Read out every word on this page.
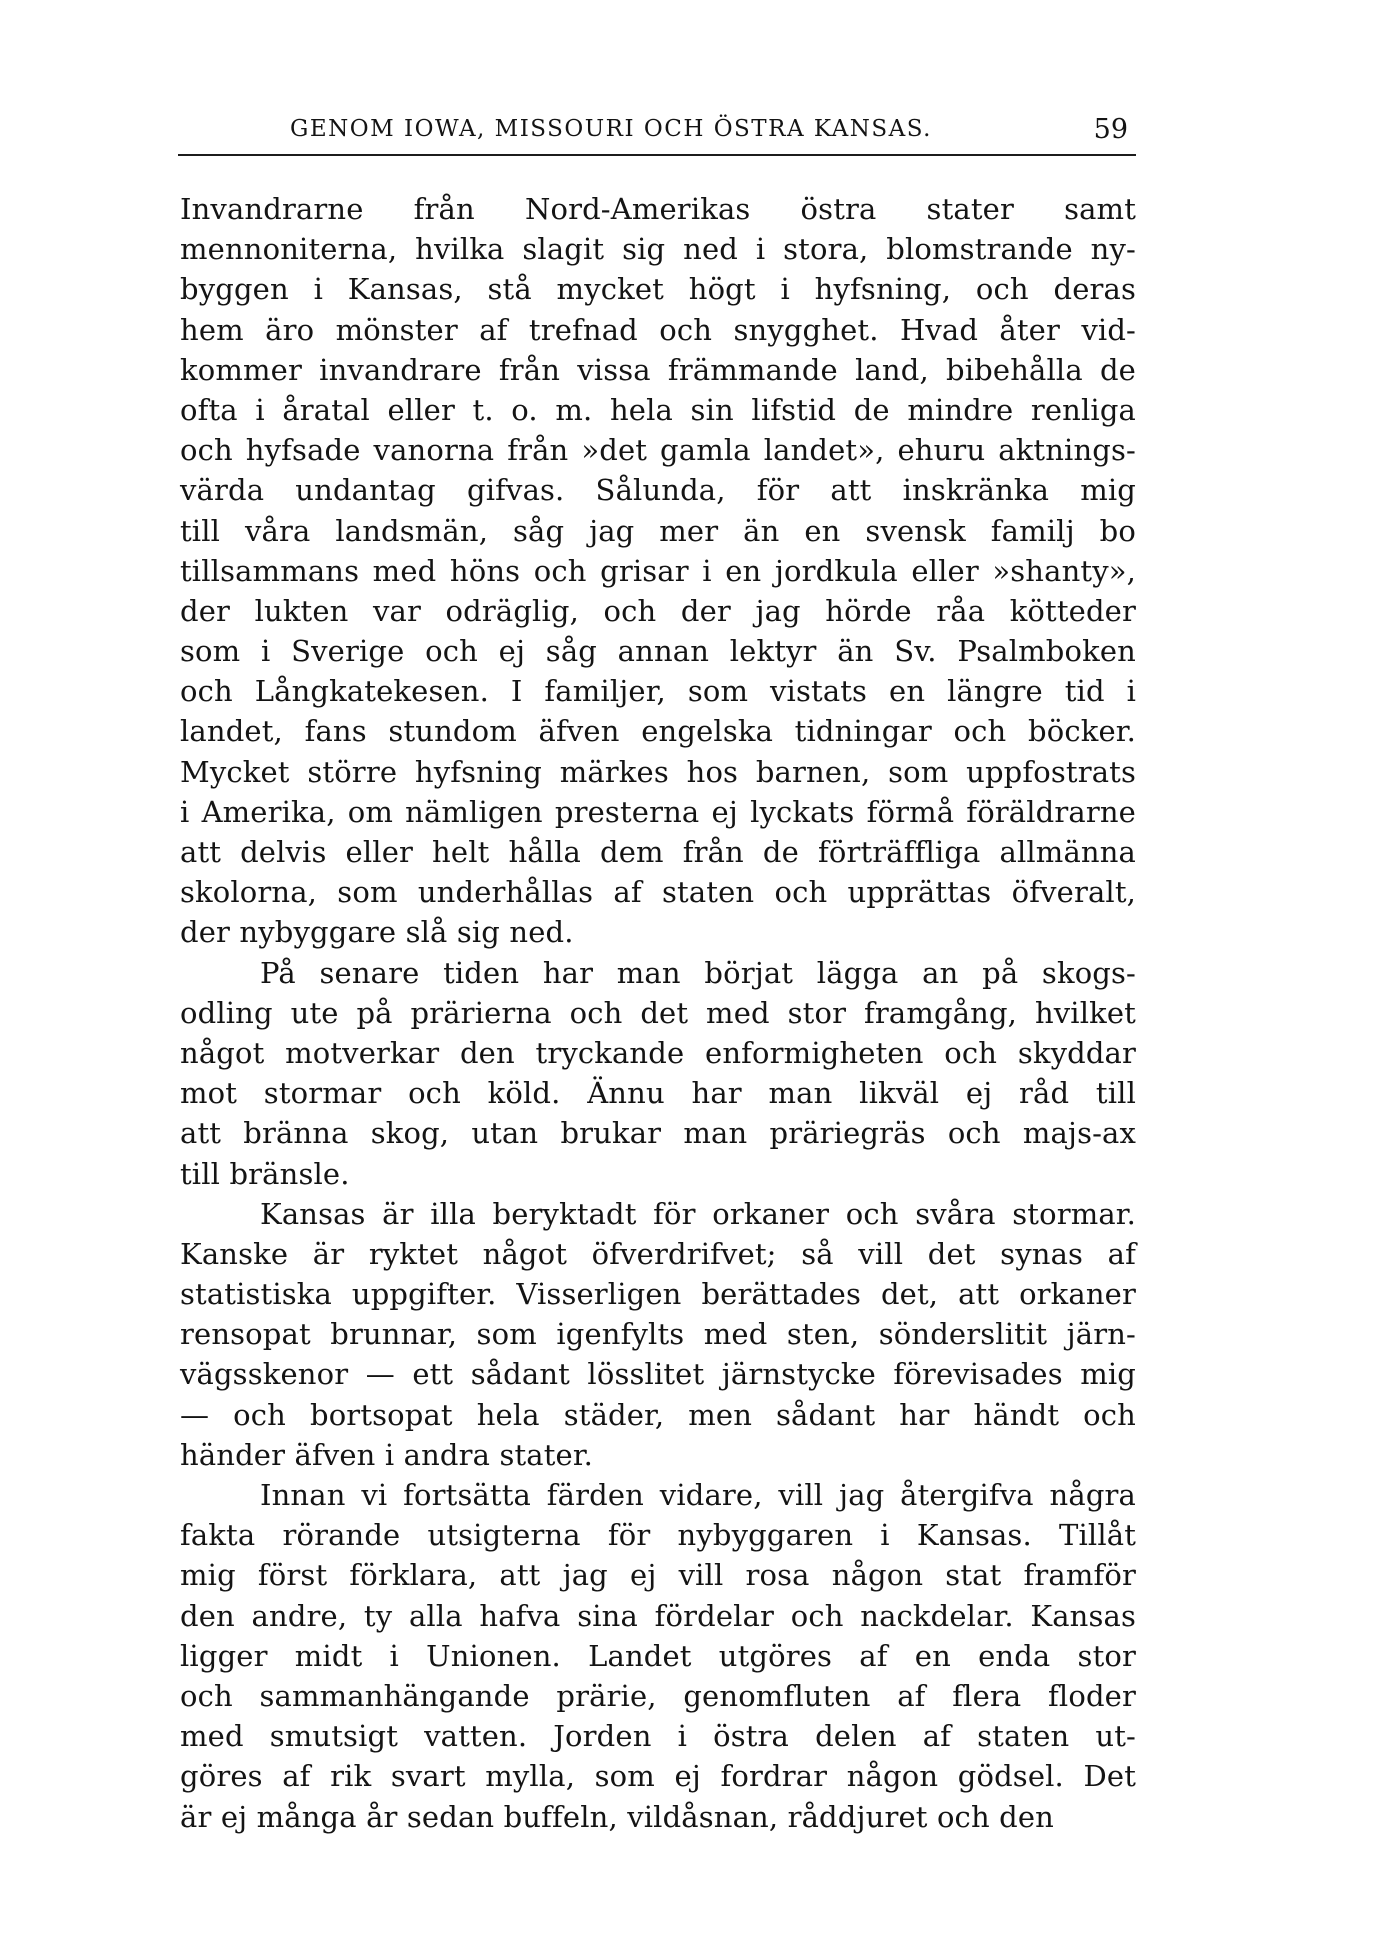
GENOM IOWA, MISSOURI OCH ÖSTRA KANSAS.	59
Invandrarne från Nord-Amerikas östra stater samt
mennoniterna, hvilka slagit sig ned i stora, blomstrande ny-
byggen i Kansas, stå mycket högt i hyfsning, och deras
hem äro mönster af trefnad och snygghet. Hvad åter vid-
kommer invandrare från vissa främmande land, bibehålla de
ofta i åratal eller t. o. m. hela sin lifstid de mindre renliga
och hyfsade vanorna från »det gamla landet», ehuru aktnings-
värda undantag gifvas. Sålunda, för att inskränka mig
till våra landsmän, såg jag mer än en svensk familj bo
tillsammans med höns och grisar i en jordkula eller »shanty»,
der lukten var odräglig, och der jag hörde råa kötteder
som i Sverige och ej såg annan lektyr än Sv. Psalmboken
och Långkatekesen. I familjer, som vistats en längre tid i
landet, fans stundom äfven engelska tidningar och böcker.
Mycket större hyfsning märkes hos barnen, som uppfostrats
i Amerika, om nämligen presterna ej lyckats förmå föräldrarne
att delvis eller helt hålla dem från de förträffliga allmänna
skolorna, som underhållas af staten och upprättas öfveralt,
der nybyggare slå sig ned.
På senare tiden har man börjat lägga an på skogs-
odling ute på prärierna och det med stor framgång, hvilket
något motverkar den tryckande enformigheten och skyddar
mot stormar och köld. Ännu har man likväl ej råd till
att bränna skog, utan brukar man präriegräs och majs-ax
till bränsle.
Kansas är illa beryktadt för orkaner och svåra stormar.
Kanske är ryktet något öfverdrifvet; så vill det synas af
statistiska uppgifter. Visserligen berättades det, att orkaner
rensopat brunnar, som igenfylts med sten, sönderslitit järn-
vägsskenor — ett sådant lösslitet järnstycke förevisades mig
— och bortsopat hela städer, men sådant har händt och
händer äfven i andra stater.
Innan vi fortsätta färden vidare, vill jag återgifva några
fakta rörande utsigterna för nybyggaren i Kansas. Tillåt
mig först förklara, att jag ej vill rosa någon stat framför
den andre, ty alla hafva sina fördelar och nackdelar. Kansas
ligger midt i Unionen. Landet utgöres af en enda stor
och sammanhängande prärie, genomfluten af flera floder
med smutsigt vatten. Jorden i östra delen af staten ut-
göres af rik svart mylla, som ej fordrar någon gödsel. Det
är ej många år sedan buffeln, vildåsnan, råddjuret och den
